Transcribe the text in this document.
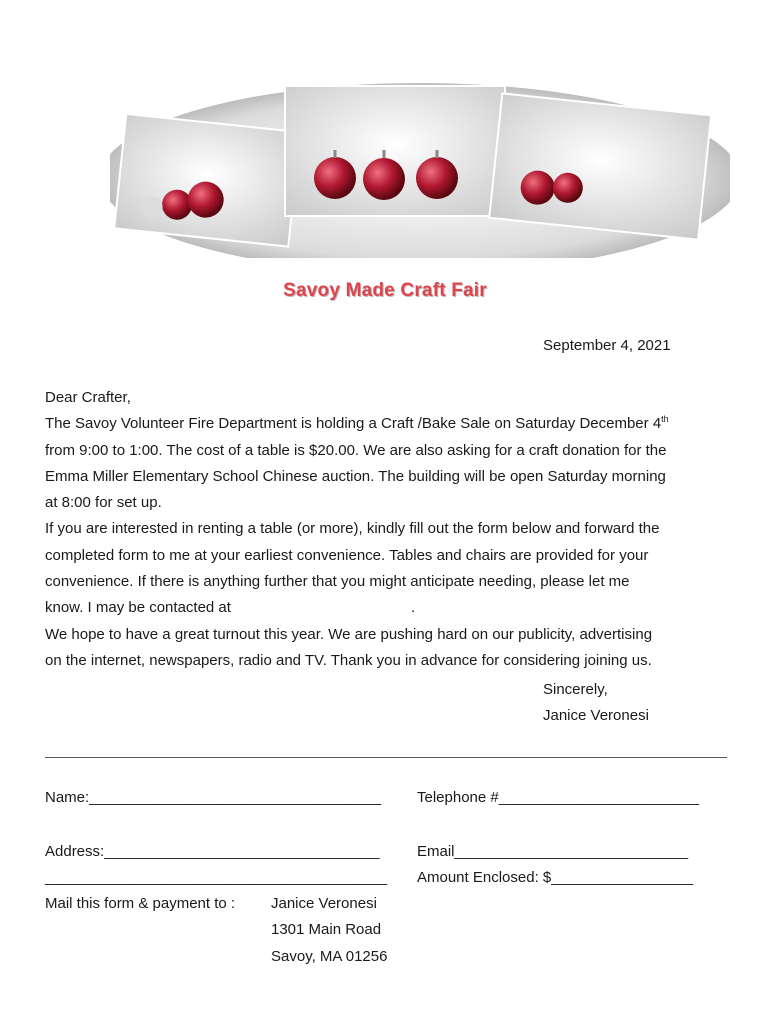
Savoy Made Craft Fair
September 4, 2021

Dear Crafter,

The Savoy Volunteer Fire Department is holding a Craft /Bake Sale on Saturday December 4th

from 9:00 to 1:00. The cost of a table is $20.00. We are also asking for a craft donation for the

Emma Miller Elementary School Chinese auction. The building will be open Saturday morning

at 8:00 for set up.

If you are interested in renting a table (or more), kindly fill out the form below and forward the

completed form to me at your earliest convenience. Tables and chairs are provided for your

convenience. If there is anything further that you might anticipate needing, please let me

know. I may be contacted at	.

We hope to have a great turnout this year. We are pushing hard on our publicity, advertising

on the internet, newspapers, radio and TV. Thank you in advance for considering joining us.

Sincerely,
Janice Veronesi
Name:___________________________________ Telephone #________________________
Address:_________________________________	Email____________________________
_________________________________________ Amount Enclosed: $_________________
Mail this form & payment to : Janice Veronesi
1301 Main Road
Savoy, MA 01256
